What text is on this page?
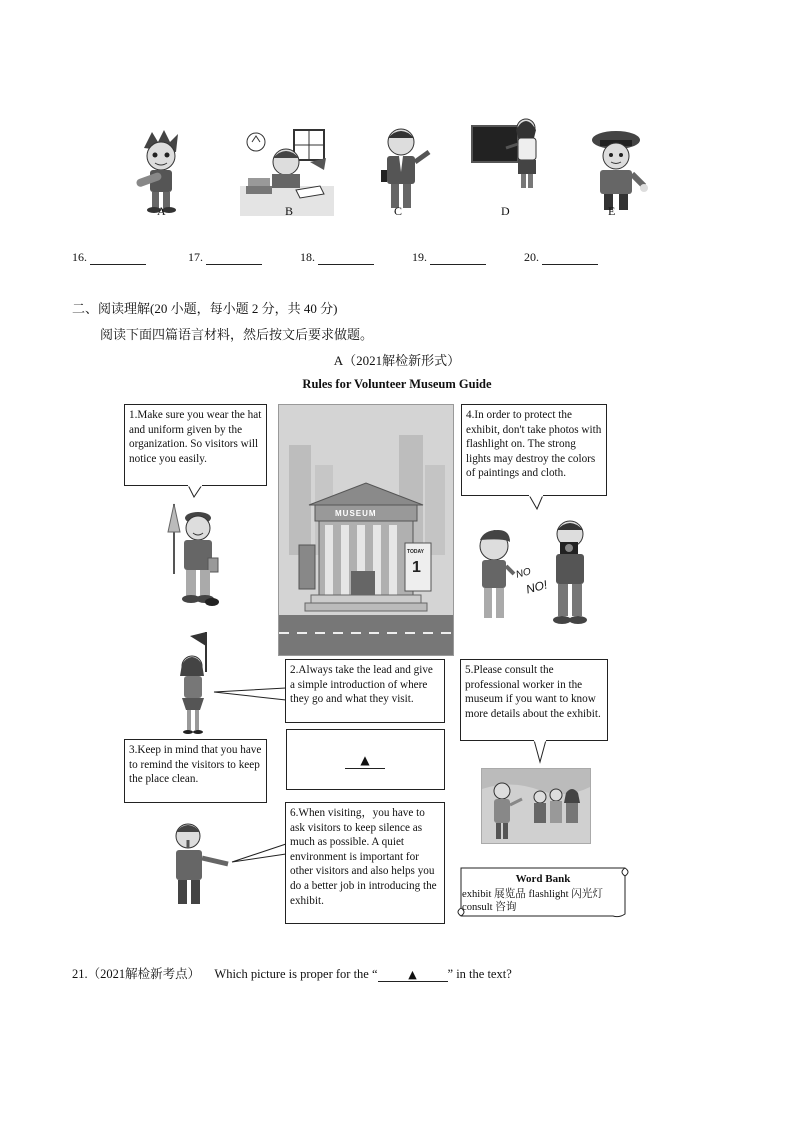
A	B	C	D	E
16.	17.	18.	19.	20.
二、阅读理解(20 小题，每小题 2 分，共 40 分)
阅读下面四篇语言材料，然后按文后要求做题。
A（2021解检新形式）
Rules for Volunteer Museum Guide
1.Make sure you wear the hat and uniform given by the organization. So visitors will notice you easily.
MUSEUM
TODAY
1
4.In order to protect the exhibit, don't take photos with flashlight on. The strong lights may destroy the colors of paintings and cloth.
NO
NO!
2.Always take the lead and give a simple introduction of where they go and what they visit.
5.Please consult the professional worker in the museum if you want to know more details about the exhibit.
3.Keep in mind that you have to remind the visitors to keep the place clean.
▲
6.When visiting，you have to ask visitors to keep silence as much as possible. A quiet environment is important for other visitors and also helps you do a better job in introducing the exhibit.
Word Bank
exhibit 展览品 flashlight 闪光灯
consult 咨询
21.（2021解检新考点） Which picture is proper for the “	▲ ” in the text?
